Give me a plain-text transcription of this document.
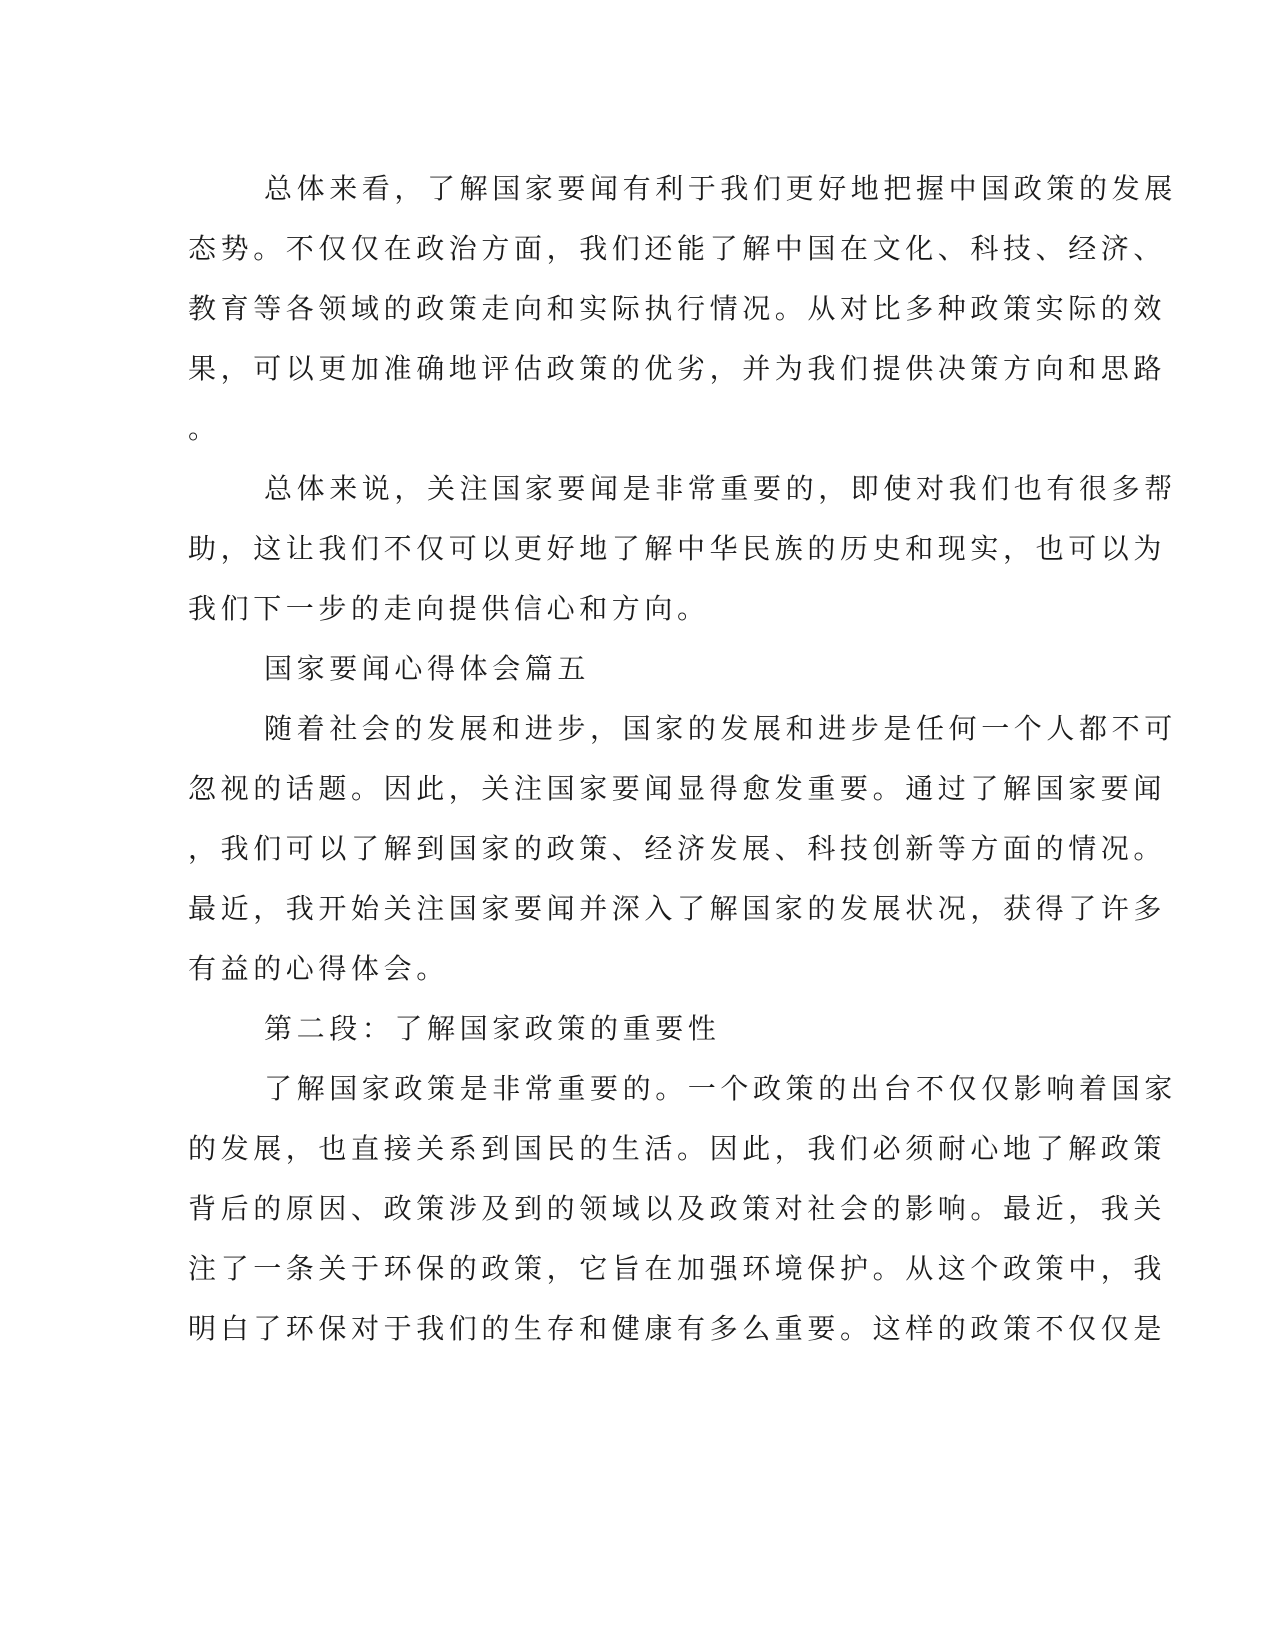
总体来看，了解国家要闻有利于我们更好地把握中国政策的发展
态势。不仅仅在政治方面，我们还能了解中国在文化、科技、经济、
教育等各领域的政策走向和实际执行情况。从对比多种政策实际的效
果，可以更加准确地评估政策的优劣，并为我们提供决策方向和思路
。
总体来说，关注国家要闻是非常重要的，即使对我们也有很多帮
助，这让我们不仅可以更好地了解中华民族的历史和现实，也可以为
我们下一步的走向提供信心和方向。
国家要闻心得体会篇五
随着社会的发展和进步，国家的发展和进步是任何一个人都不可
忽视的话题。因此，关注国家要闻显得愈发重要。通过了解国家要闻
，我们可以了解到国家的政策、经济发展、科技创新等方面的情况。
最近，我开始关注国家要闻并深入了解国家的发展状况，获得了许多
有益的心得体会。
第二段：了解国家政策的重要性
了解国家政策是非常重要的。一个政策的出台不仅仅影响着国家
的发展，也直接关系到国民的生活。因此，我们必须耐心地了解政策
背后的原因、政策涉及到的领域以及政策对社会的影响。最近，我关
注了一条关于环保的政策，它旨在加强环境保护。从这个政策中，我
明白了环保对于我们的生存和健康有多么重要。这样的政策不仅仅是
